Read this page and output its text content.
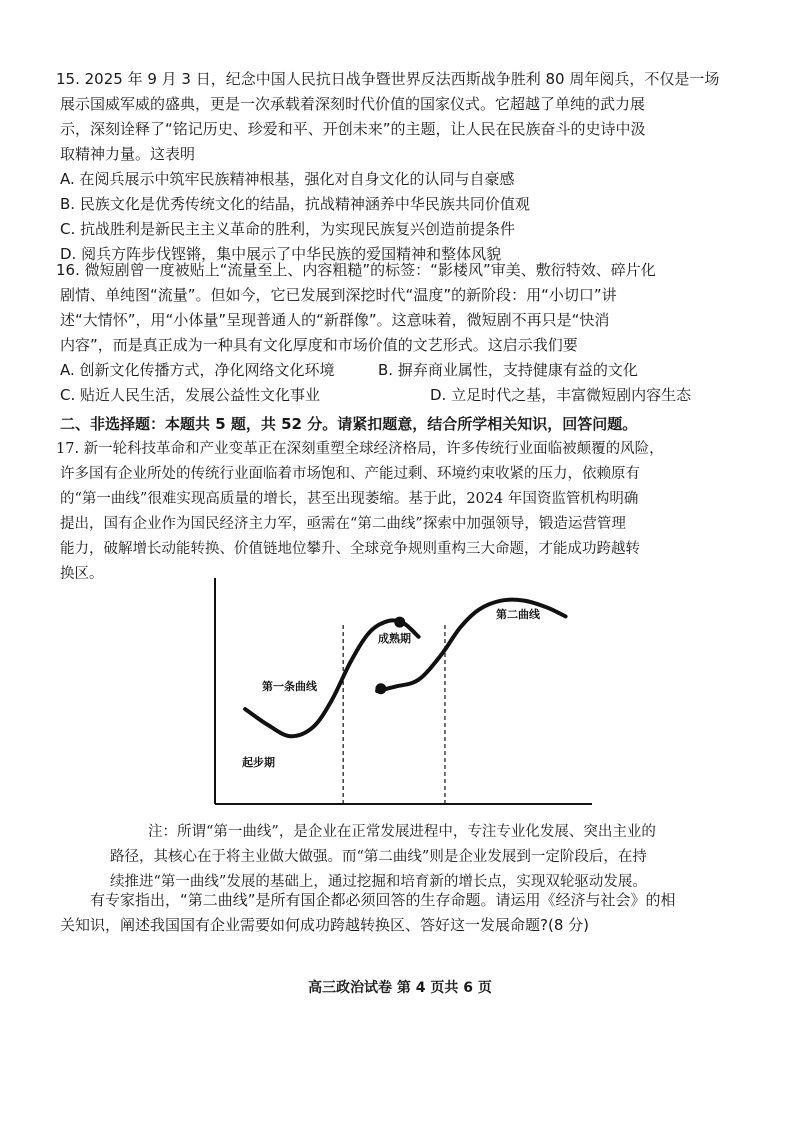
15. 2025 年 9 月 3 日，纪念中国人民抗日战争暨世界反法西斯战争胜利 80 周年阅兵，不仅是一场
展示国威军威的盛典，更是一次承载着深刻时代价值的国家仪式。它超越了单纯的武力展
示，深刻诠释了“铭记历史、珍爱和平、开创未来”的主题，让人民在民族奋斗的史诗中汲
取精神力量。这表明
A. 在阅兵展示中筑牢民族精神根基，强化对自身文化的认同与自豪感
B. 民族文化是优秀传统文化的结晶，抗战精神涵养中华民族共同价值观
C. 抗战胜利是新民主主义革命的胜利，为实现民族复兴创造前提条件
D. 阅兵方阵步伐铿锵，集中展示了中华民族的爱国精神和整体风貌
16. 微短剧曾一度被贴上“流量至上、内容粗糙”的标签：“影楼风”审美、敷衍特效、碎片化
剧情、单纯图“流量”。但如今，它已发展到深挖时代“温度”的新阶段：用“小切口”讲
述“大情怀”，用“小体量”呈现普通人的“新群像”。这意味着，微短剧不再只是“快消
内容”，而是真正成为一种具有文化厚度和市场价值的文艺形式。这启示我们要
A. 创新文化传播方式，净化网络文化环境	B. 摒弃商业属性，支持健康有益的文化
C. 贴近人民生活，发展公益性文化事业	D. 立足时代之基，丰富微短剧内容生态
二、非选择题：本题共 5 题，共 52 分。请紧扣题意，结合所学相关知识，回答问题。
17. 新一轮科技革命和产业变革正在深刻重塑全球经济格局，许多传统行业面临被颠覆的风险，
许多国有企业所处的传统行业面临着市场饱和、产能过剩、环境约束收紧的压力，依赖原有
的“第一曲线”很难实现高质量的增长，甚至出现萎缩。基于此，2024 年国资监管机构明确
提出，国有企业作为国民经济主力军，亟需在“第二曲线”探索中加强领导，锻造运营管理
能力，破解增长动能转换、价值链地位攀升、全球竞争规则重构三大命题，才能成功跨越转
换区。
第一条曲线
第二曲线
成熟期
起步期
注：所谓“第一曲线”，是企业在正常发展进程中，专注专业化发展、突出主业的
路径，其核心在于将主业做大做强。而“第二曲线”则是企业发展到一定阶段后，在持
续推进“第一曲线”发展的基础上，通过挖掘和培育新的增长点，实现双轮驱动发展。
有专家指出，“第二曲线”是所有国企都必须回答的生存命题。请运用《经济与社会》的相
关知识，阐述我国国有企业需要如何成功跨越转换区、答好这一发展命题?(8 分)
高三政治试卷 第 4 页共 6 页
